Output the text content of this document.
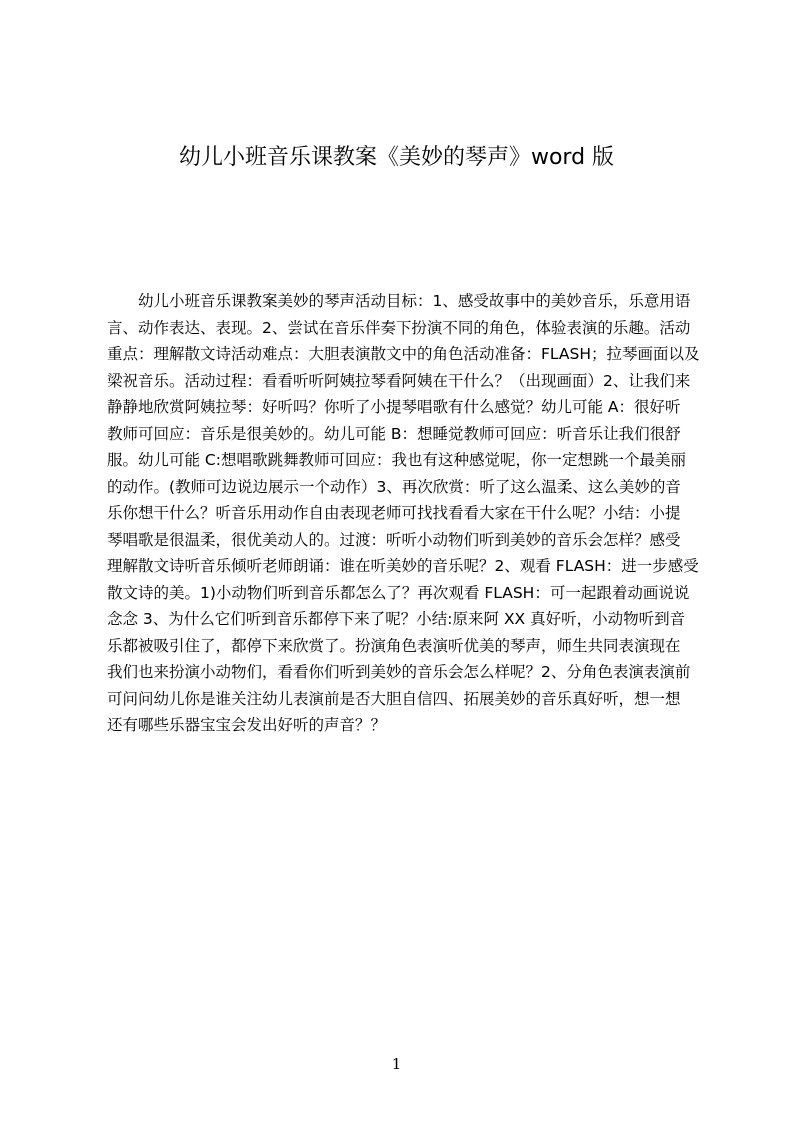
幼儿小班音乐课教案《美妙的琴声》word 版
幼儿小班音乐课教案美妙的琴声活动目标：1、感受故事中的美妙音乐，乐意用语
言、动作表达、表现。2、尝试在音乐伴奏下扮演不同的角色，体验表演的乐趣。活动
重点：理解散文诗活动难点：大胆表演散文中的角色活动准备：FLASH；拉琴画面以及
梁祝音乐。活动过程：看看听听阿姨拉琴看阿姨在干什么？（出现画面）2、让我们来
静静地欣赏阿姨拉琴：好听吗？你听了小提琴唱歌有什么感觉？幼儿可能 A：很好听
教师可回应：音乐是很美妙的。幼儿可能 B：想睡觉教师可回应：听音乐让我们很舒
服。幼儿可能 C:想唱歌跳舞教师可回应：我也有这种感觉呢，你一定想跳一个最美丽
的动作。(教师可边说边展示一个动作）3、再次欣赏：听了这么温柔、这么美妙的音
乐你想干什么？听音乐用动作自由表现老师可找找看看大家在干什么呢？小结：小提
琴唱歌是很温柔，很优美动人的。过渡：听听小动物们听到美妙的音乐会怎样？感受
理解散文诗听音乐倾听老师朗诵：谁在听美妙的音乐呢？2、观看 FLASH：进一步感受
散文诗的美。1)小动物们听到音乐都怎么了？再次观看 FLASH：可一起跟着动画说说
念念 3、为什么它们听到音乐都停下来了呢？小结:原来阿 XX 真好听，小动物听到音
乐都被吸引住了，都停下来欣赏了。扮演角色表演听优美的琴声，师生共同表演现在
我们也来扮演小动物们，看看你们听到美妙的音乐会怎么样呢？2、分角色表演表演前
可问问幼儿你是谁关注幼儿表演前是否大胆自信四、拓展美妙的音乐真好听，想一想
还有哪些乐器宝宝会发出好听的声音？？
1
